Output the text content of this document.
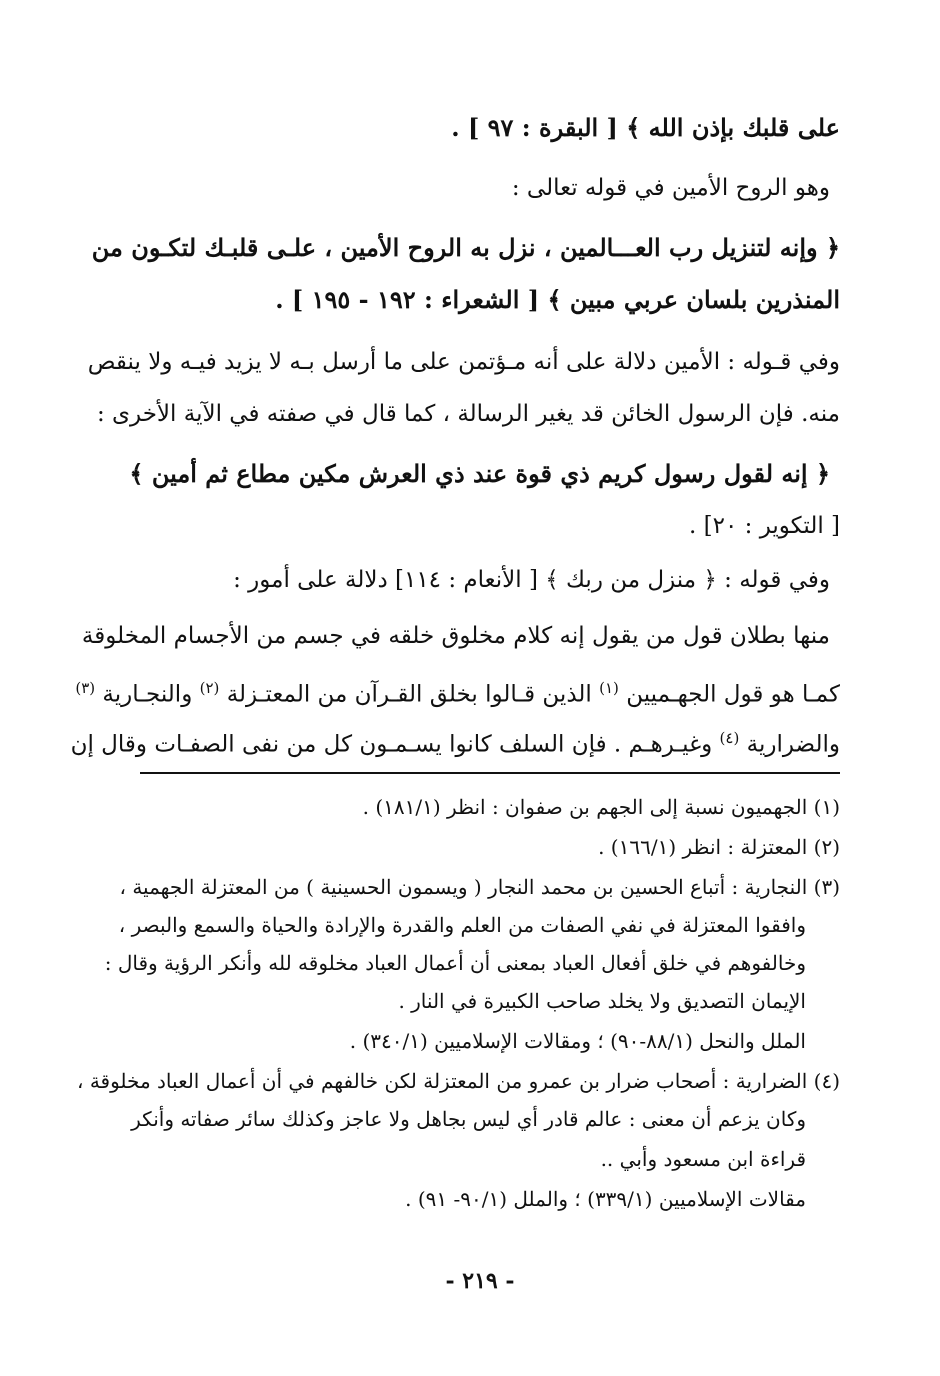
على قلبك بإذن الله ﴾ [ البقرة : ٩٧ ] .
وهو الروح الأمين في قوله تعالى :
﴿ وإنه لتنزيل رب العـــالمين ، نزل به الروح الأمين ، علـى قلبـك لتكـون من
المنذرين بلسان عربي مبين ﴾ [ الشعراء : ١٩٢ - ١٩٥ ] .
وفي قـوله : الأمين دلالة على أنه مـؤتمن على ما أرسل بـه لا يزيد فيـه ولا ينقص
منه. فإن الرسول الخائن قد يغير الرسالة ، كما قال في صفته في الآية الأخرى :
﴿ إنه لقول رسول كريم ذي قوة عند ذي العرش مكين مطاع ثم أمين ﴾
[ التكوير : ٢٠] .
وفي قوله : ﴿ منزل من ربك ﴾ [ الأنعام : ١١٤] دلالة على أمور :
منها بطلان قول من يقول إنه كلام مخلوق خلقه في جسم من الأجسام المخلوقة
كمـا هو قول الجهـميين $^{(١)}$ الذين قـالوا بخلق القـرآن من المعتـزلة $^{(٢)}$ والنجـارية $^{(٣)}$
والضرارية $^{(٤)}$ وغيـرهـم . فإن السلف كانوا يسـمـون كل من نفى الصفـات وقال إن
(١) الجهميون نسبة إلى الجهم بن صفوان : انظر (١٨١/١) .
(٢) المعتزلة : انظر (١٦٦/١) .
(٣) النجارية : أتباع الحسين بن محمد النجار ( ويسمون الحسينية ) من المعتزلة الجهمية ،
وافقوا المعتزلة في نفي الصفات من العلم والقدرة والإرادة والحياة والسمع والبصر ،
وخالفوهم في خلق أفعال العباد بمعنى أن أعمال العباد مخلوقه لله وأنكر الرؤية وقال :
الإيمان التصديق ولا يخلد صاحب الكبيرة في النار .
الملل والنحل (٨٨/١-٩٠) ؛ ومقالات الإسلاميين (٣٤٠/١) .
(٤) الضرارية : أصحاب ضرار بن عمرو من المعتزلة لكن خالفهم في أن أعمال العباد مخلوقة ،
وكان يزعم أن معنى : عالم قادر أي ليس بجاهل ولا عاجز وكذلك سائر صفاته وأنكر
قراءة ابن مسعود وأبي ..
مقالات الإسلاميين (٣٣٩/١) ؛ والملل (٩٠/١- ٩١) .
- ٢١٩ -
